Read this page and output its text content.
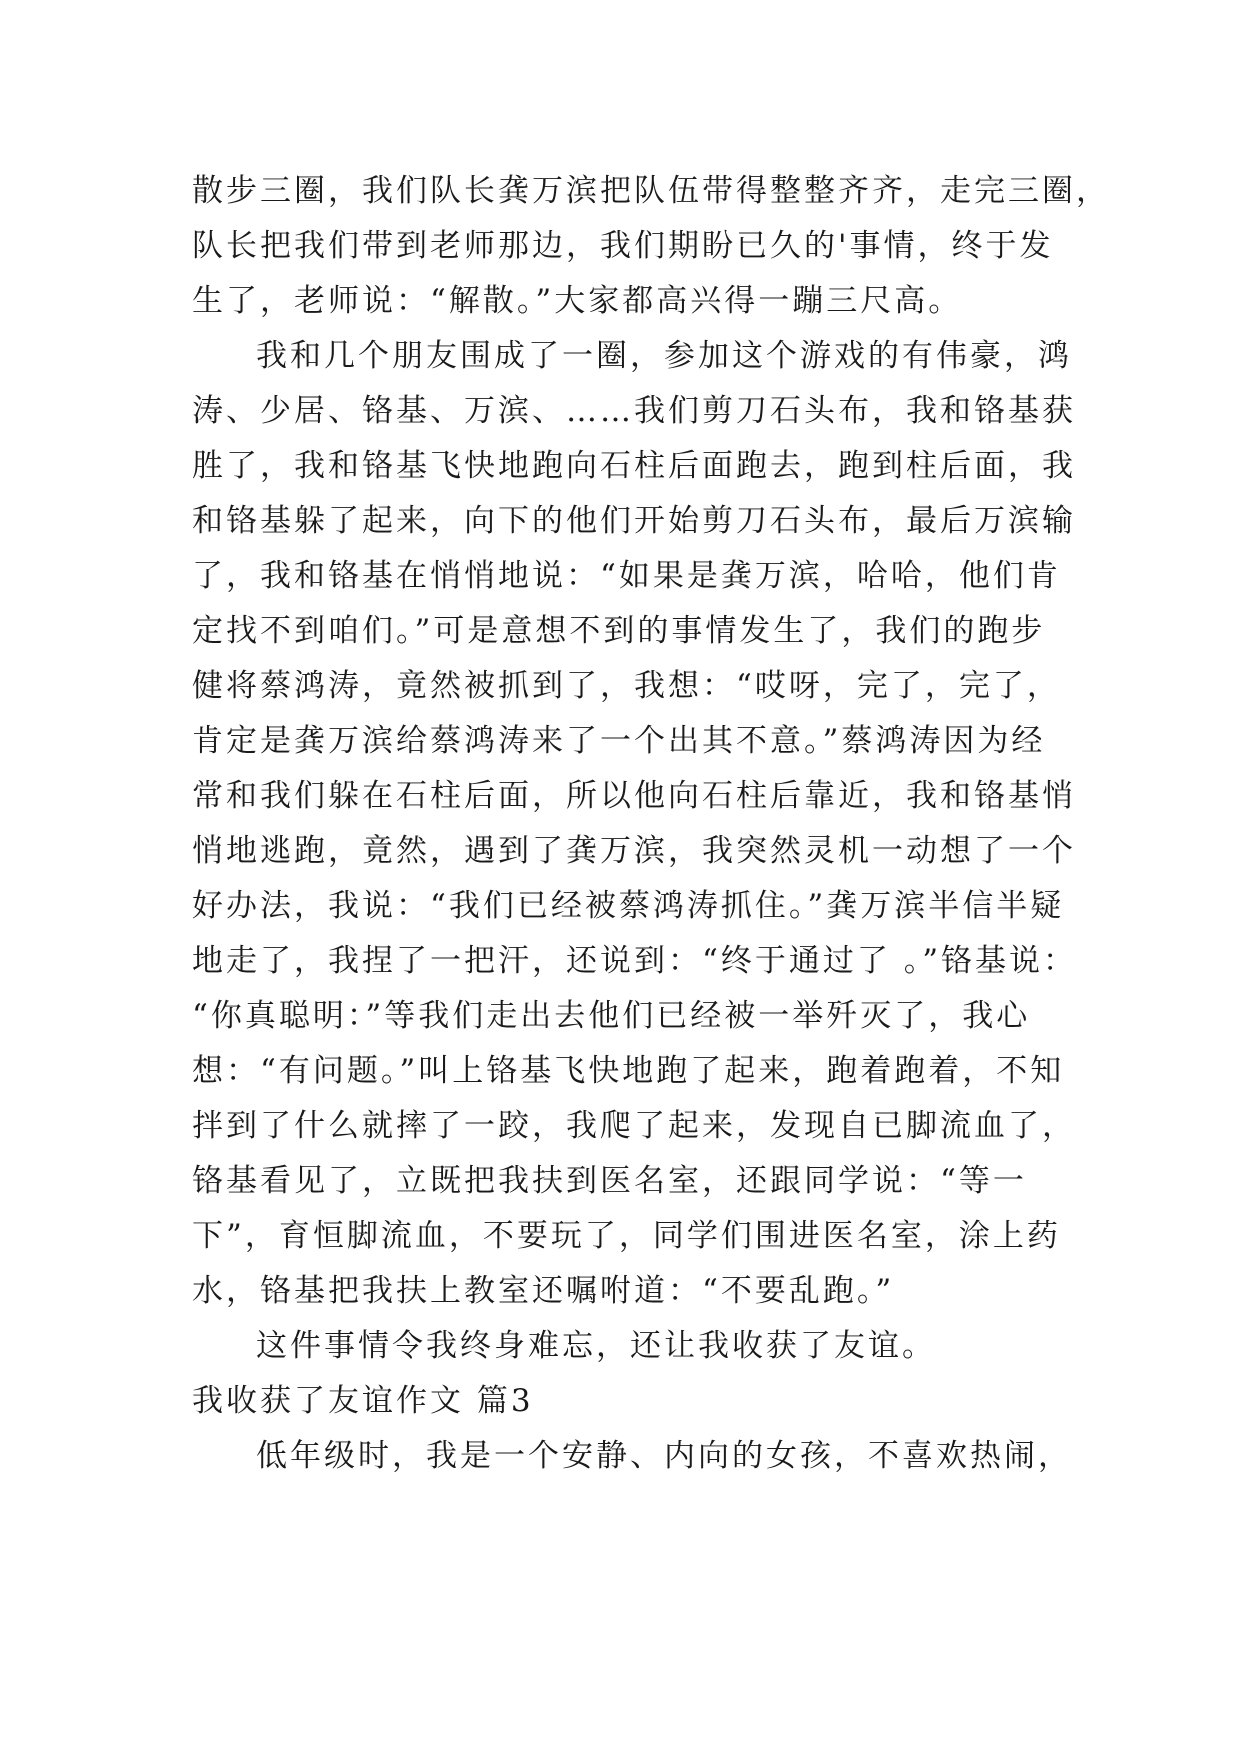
散步三圈，我们队长龚万滨把队伍带得整整齐齐，走完三圈，
队长把我们带到老师那边，我们期盼已久的'事情，终于发
生了，老师说：“解散。”大家都高兴得一蹦三尺高。
我和几个朋友围成了一圈，参加这个游戏的有伟豪，鸿
涛、少居、铬基、万滨、……我们剪刀石头布，我和铬基获
胜了，我和铬基飞快地跑向石柱后面跑去，跑到柱后面，我
和铬基躲了起来，向下的他们开始剪刀石头布，最后万滨输
了，我和铬基在悄悄地说：“如果是龚万滨，哈哈，他们肯
定找不到咱们。”可是意想不到的事情发生了，我们的跑步
健将蔡鸿涛，竟然被抓到了，我想：“哎呀，完了，完了，
肯定是龚万滨给蔡鸿涛来了一个出其不意。”蔡鸿涛因为经
常和我们躲在石柱后面，所以他向石柱后靠近，我和铬基悄
悄地逃跑，竟然，遇到了龚万滨，我突然灵机一动想了一个
好办法，我说：“我们已经被蔡鸿涛抓住。”龚万滨半信半疑
地走了，我捏了一把汗，还说到：“终于通过了 。”铬基说：
“你真聪明：”等我们走出去他们已经被一举歼灭了，我心
想：“有问题。”叫上铬基飞快地跑了起来，跑着跑着，不知
拌到了什么就摔了一跤，我爬了起来，发现自已脚流血了，
铬基看见了，立既把我扶到医名室，还跟同学说：“等一
下”，育恒脚流血，不要玩了，同学们围进医名室，涂上药
水，铬基把我扶上教室还嘱咐道：“不要乱跑。”
这件事情令我终身难忘，还让我收获了友谊。
我收获了友谊作文 篇3
低年级时，我是一个安静、内向的女孩，不喜欢热闹，
